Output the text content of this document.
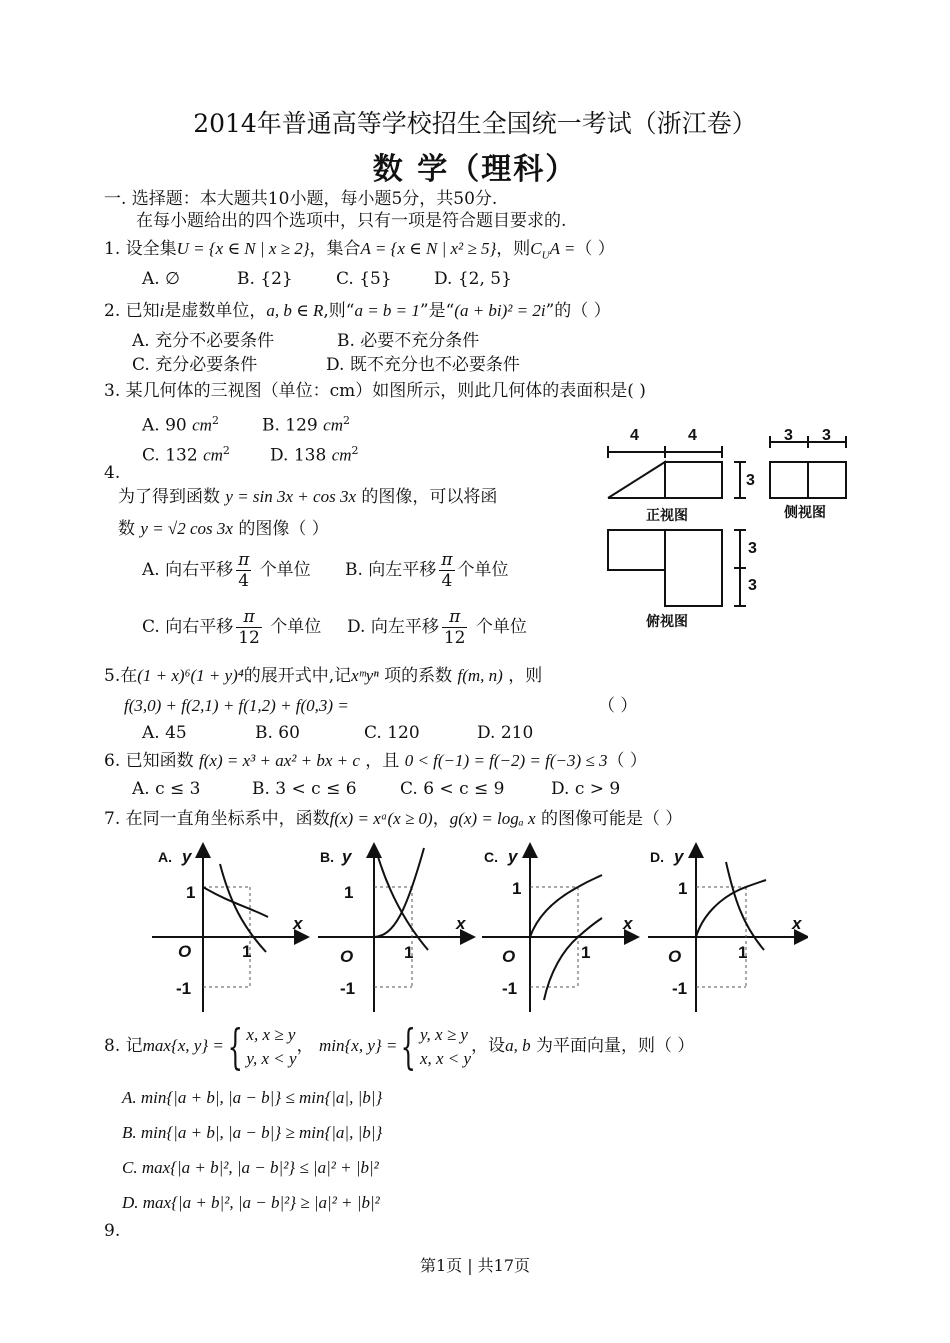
2014年普通高等学校招生全国统一考试（浙江卷）
数 学（理科）
一. 选择题：本大题共10小题，每小题5分，共50分.
在每小题给出的四个选项中，只有一项是符合题目要求的.
1. 设全集U = {x ∈ N | x ≥ 2}，集合A = {x ∈ N | x² ≥ 5}，则$C_UA$ =（ ）
A. ∅	B. {2}	C. {5} D. {2, 5}
2. 已知i是虚数单位，a, b ∈ R,则“a = b = 1”是“(a + bi)² = 2i”的（ ）
A. 充分不必要条件	B. 必要不充分条件
C. 充分必要条件	D. 既不充分也不必要条件
3. 某几何体的三视图（单位：cm）如图所示，则此几何体的表面积是( )
A. 90 $cm^2$	B. 129 $cm^2$
C. 132 $cm^2$ D. 138 $cm^2$
4	4
3
3 3
3
3
正视图	侧视图
俯视图
4.
为了得到函数 y = sin 3x + cos 3x 的图像，可以将函
数 y = √2 cos 3x 的图像（ ）
A. 向右平移 $\frac{\pi}{4}$ 个单位 B. 向左平移 $\frac{\pi}{4}$ 个单位
C. 向右平移 $\frac{\pi}{12}$ 个单位 D. 向左平移 $\frac{\pi}{12}$ 个单位
5.在(1 + x)⁶(1 + y)⁴的展开式中,记xᵐyⁿ 项的系数 f(m, n) ，则
f(3,0) + f(2,1) + f(1,2) + f(0,3) =	（ ）
A. 45	B. 60	C. 120	D. 210
6. 已知函数 f(x) = x³ + ax² + bx + c ，且 0 < f(−1) = f(−2) = f(−3) ≤ 3（ ）
A. c ≤ 3	B. 3 < c ≤ 6	C. 6 < c ≤ 9	D. c > 9
7. 在同一直角坐标系中，函数f(x) = xᵃ(x ≥ 0)，g(x) = logₐ x 的图像可能是（ ）
A. y
x
O
1
1
-1
B. y
x
O
1
1
-1
C. y
x
O
1
1
-1
D. y
x
O
1
1
-1
8. 记max{x, y} ={ x, x ≥ y
y, x < y
， min{x, y} ={ y, x ≥ y
x, x < y
，设a, b 为平面向量，则（ ）
A. min{|a + b|, |a − b|} ≤ min{|a|, |b|}
B. min{|a + b|, |a − b|} ≥ min{|a|, |b|}
C. max{|a + b|², |a − b|²} ≤ |a|² + |b|²
D. max{|a + b|², |a − b|²} ≥ |a|² + |b|²
9.
第1页 | 共17页
